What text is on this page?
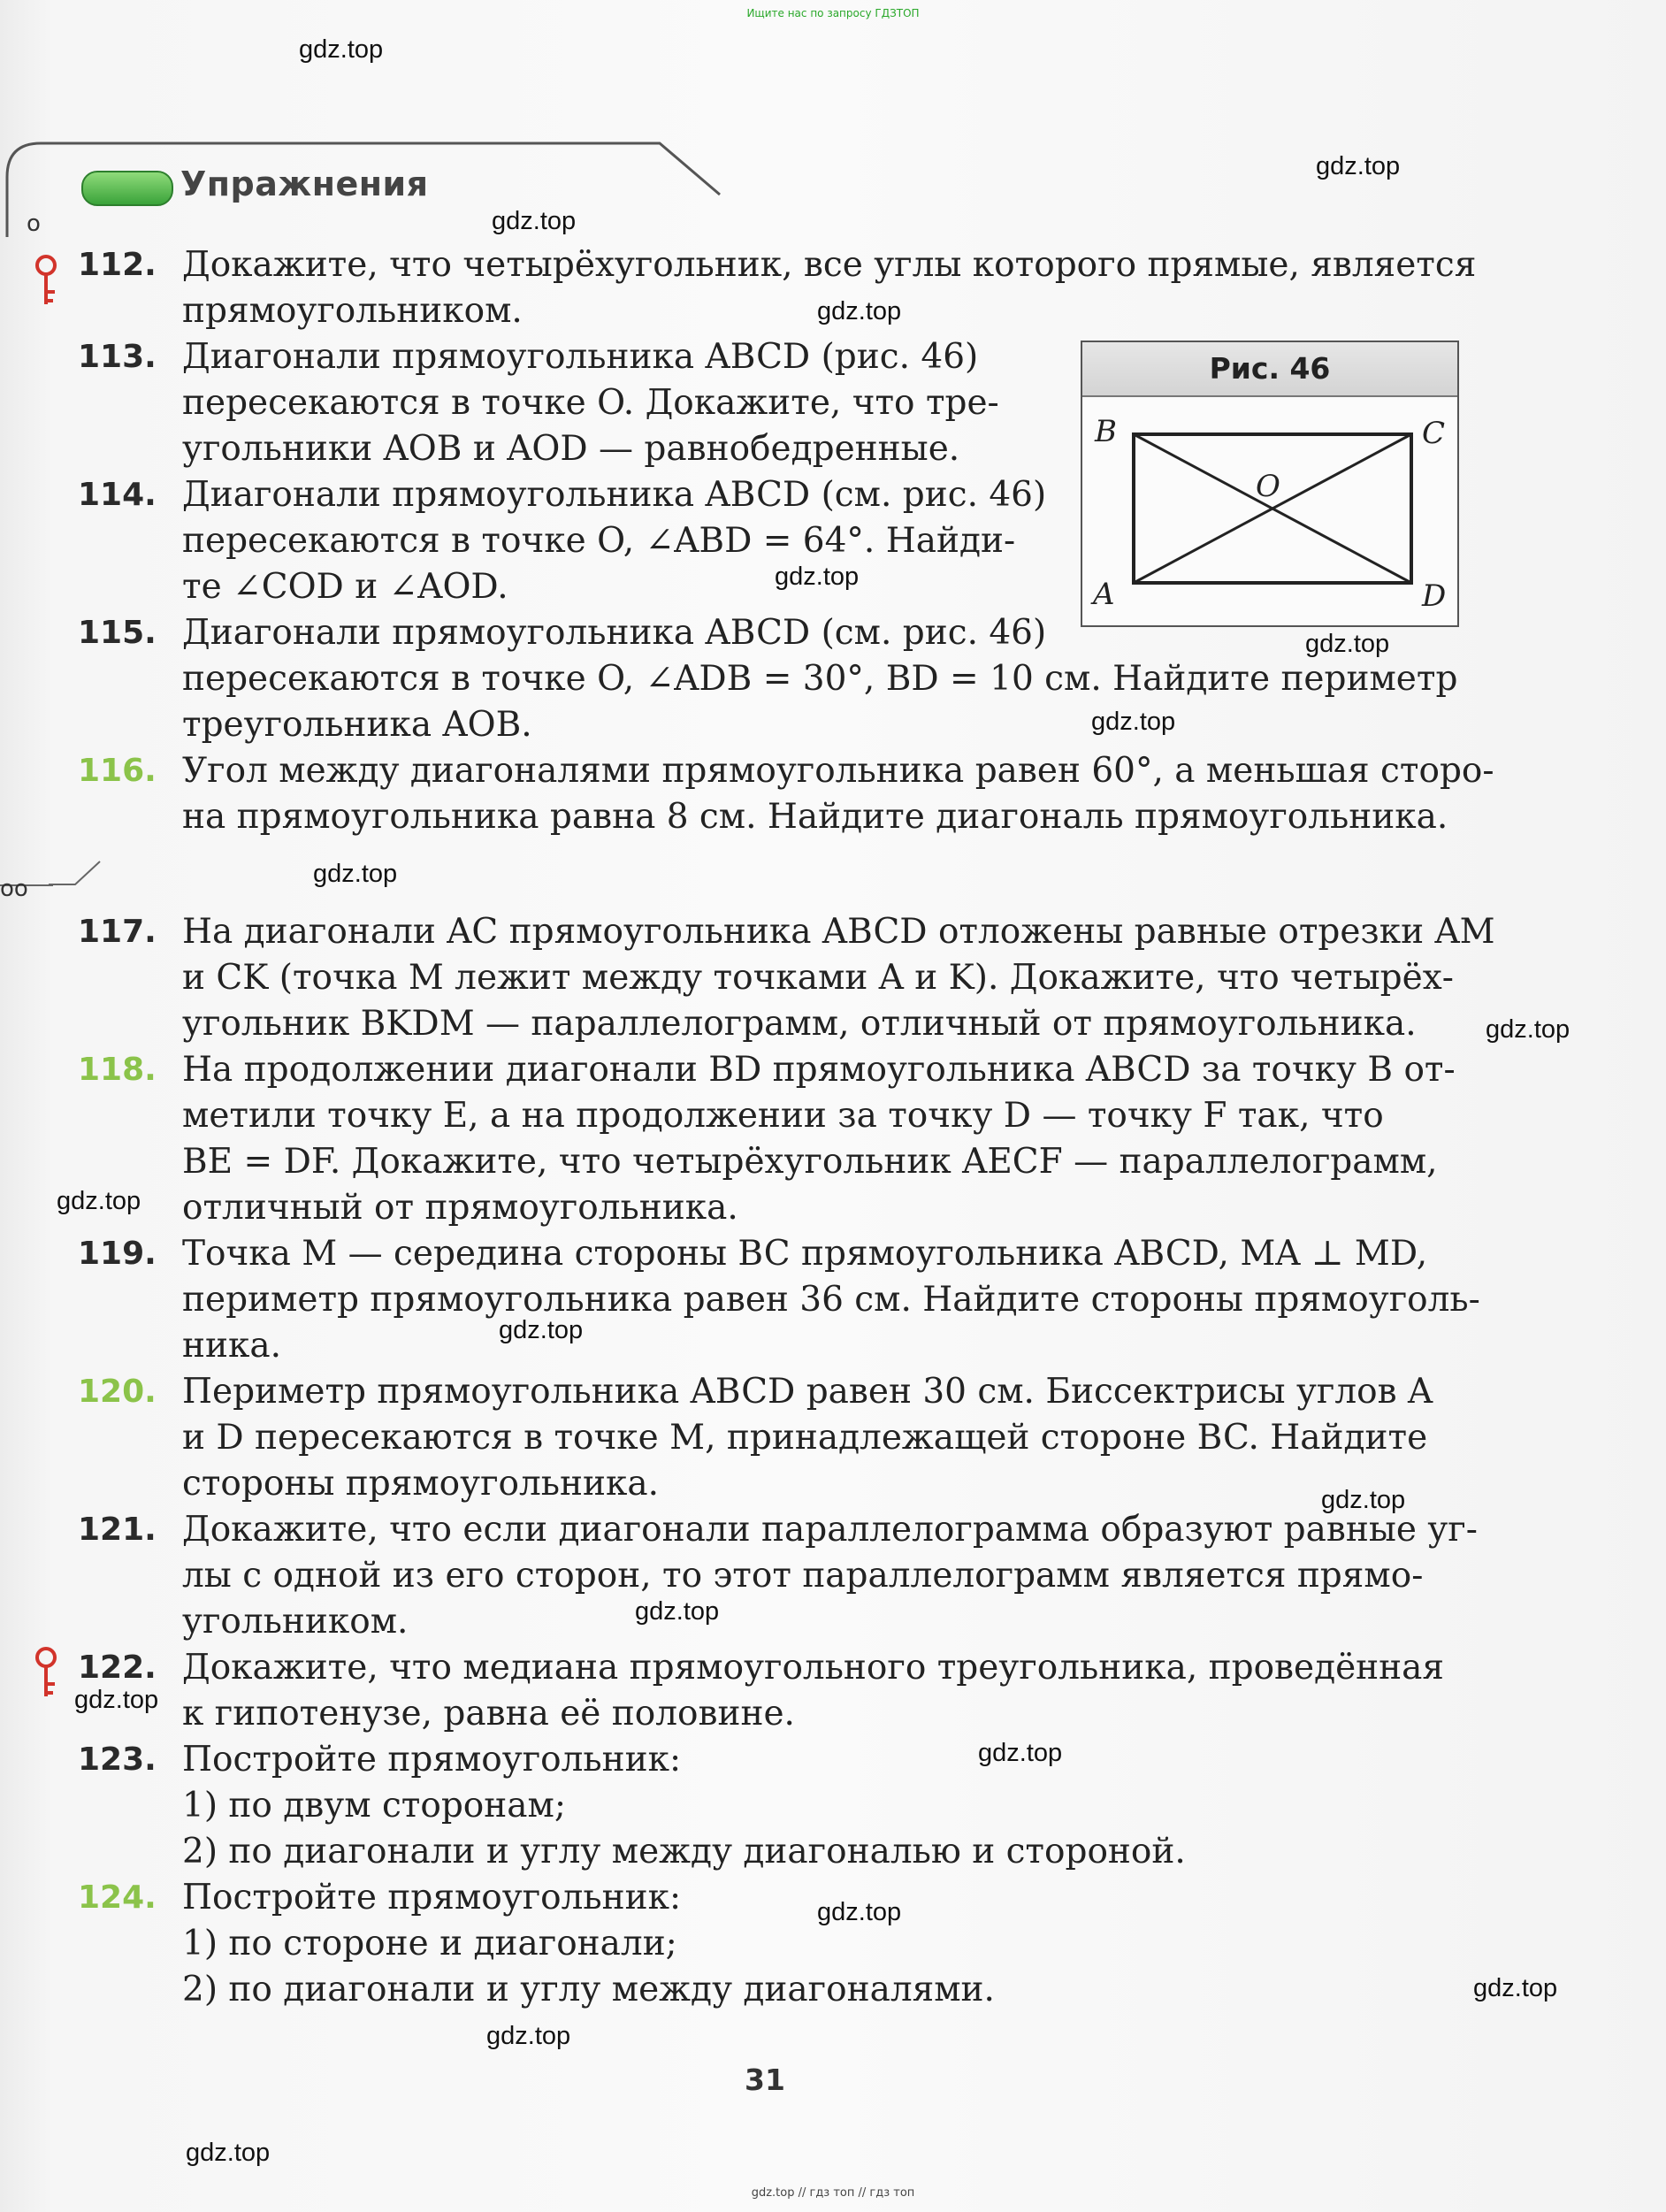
Ищите нас по запросу ГДЗТОП
Упражнения
o
oo
Рис. 46
B	C
O
A	D
112. Докажите, что четырёхугольник, все углы которого прямые, является
прямоугольником.
113. Диагонали прямоугольника ABCD (рис. 46)
пересекаются в точке O. Докажите, что тре-
угольники AOB и AOD — равнобедренные.
114. Диагонали прямоугольника ABCD (см. рис. 46)
пересекаются в точке O, ∠ABD = 64°. Найди-
те ∠COD и ∠AOD.
115. Диагонали прямоугольника ABCD (см. рис. 46)
пересекаются в точке O, ∠ADB = 30°, BD = 10 см. Найдите периметр
треугольника AOB.
116. Угол между диагоналями прямоугольника равен 60°, а меньшая сторо-
на прямоугольника равна 8 см. Найдите диагональ прямоугольника.
117. На диагонали AC прямоугольника ABCD отложены равные отрезки AM
и CK (точка M лежит между точками A и K). Докажите, что четырёх-
угольник BKDM — параллелограмм, отличный от прямоугольника.
118. На продолжении диагонали BD прямоугольника ABCD за точку B от-
метили точку E, а на продолжении за точку D — точку F так, что
BE = DF. Докажите, что четырёхугольник AECF — параллелограмм,
отличный от прямоугольника.
119. Точка M — середина стороны BC прямоугольника ABCD, MA ⊥ MD,
периметр прямоугольника равен 36 см. Найдите стороны прямоуголь-
ника.
120. Периметр прямоугольника ABCD равен 30 см. Биссектрисы углов A
и D пересекаются в точке M, принадлежащей стороне BC. Найдите
стороны прямоугольника.
121. Докажите, что если диагонали параллелограмма образуют равные уг-
лы с одной из его сторон, то этот параллелограмм является прямо-
угольником.
122. Докажите, что медиана прямоугольного треугольника, проведённая
к гипотенузе, равна её половине.
123. Постройте прямоугольник:
1) по двум сторонам;
2) по диагонали и углу между диагональю и стороной.
124. Постройте прямоугольник:
1) по стороне и диагонали;
2) по диагонали и углу между диагоналями.
31
gdz.top // гдз топ // гдз топ
gdz.top
gdz.top
gdz.top
gdz.top
gdz.top
gdz.top
gdz.top
gdz.top
gdz.top
gdz.top
gdz.top
gdz.top
gdz.top
gdz.top
gdz.top
gdz.top
gdz.top
gdz.top
gdz.top
